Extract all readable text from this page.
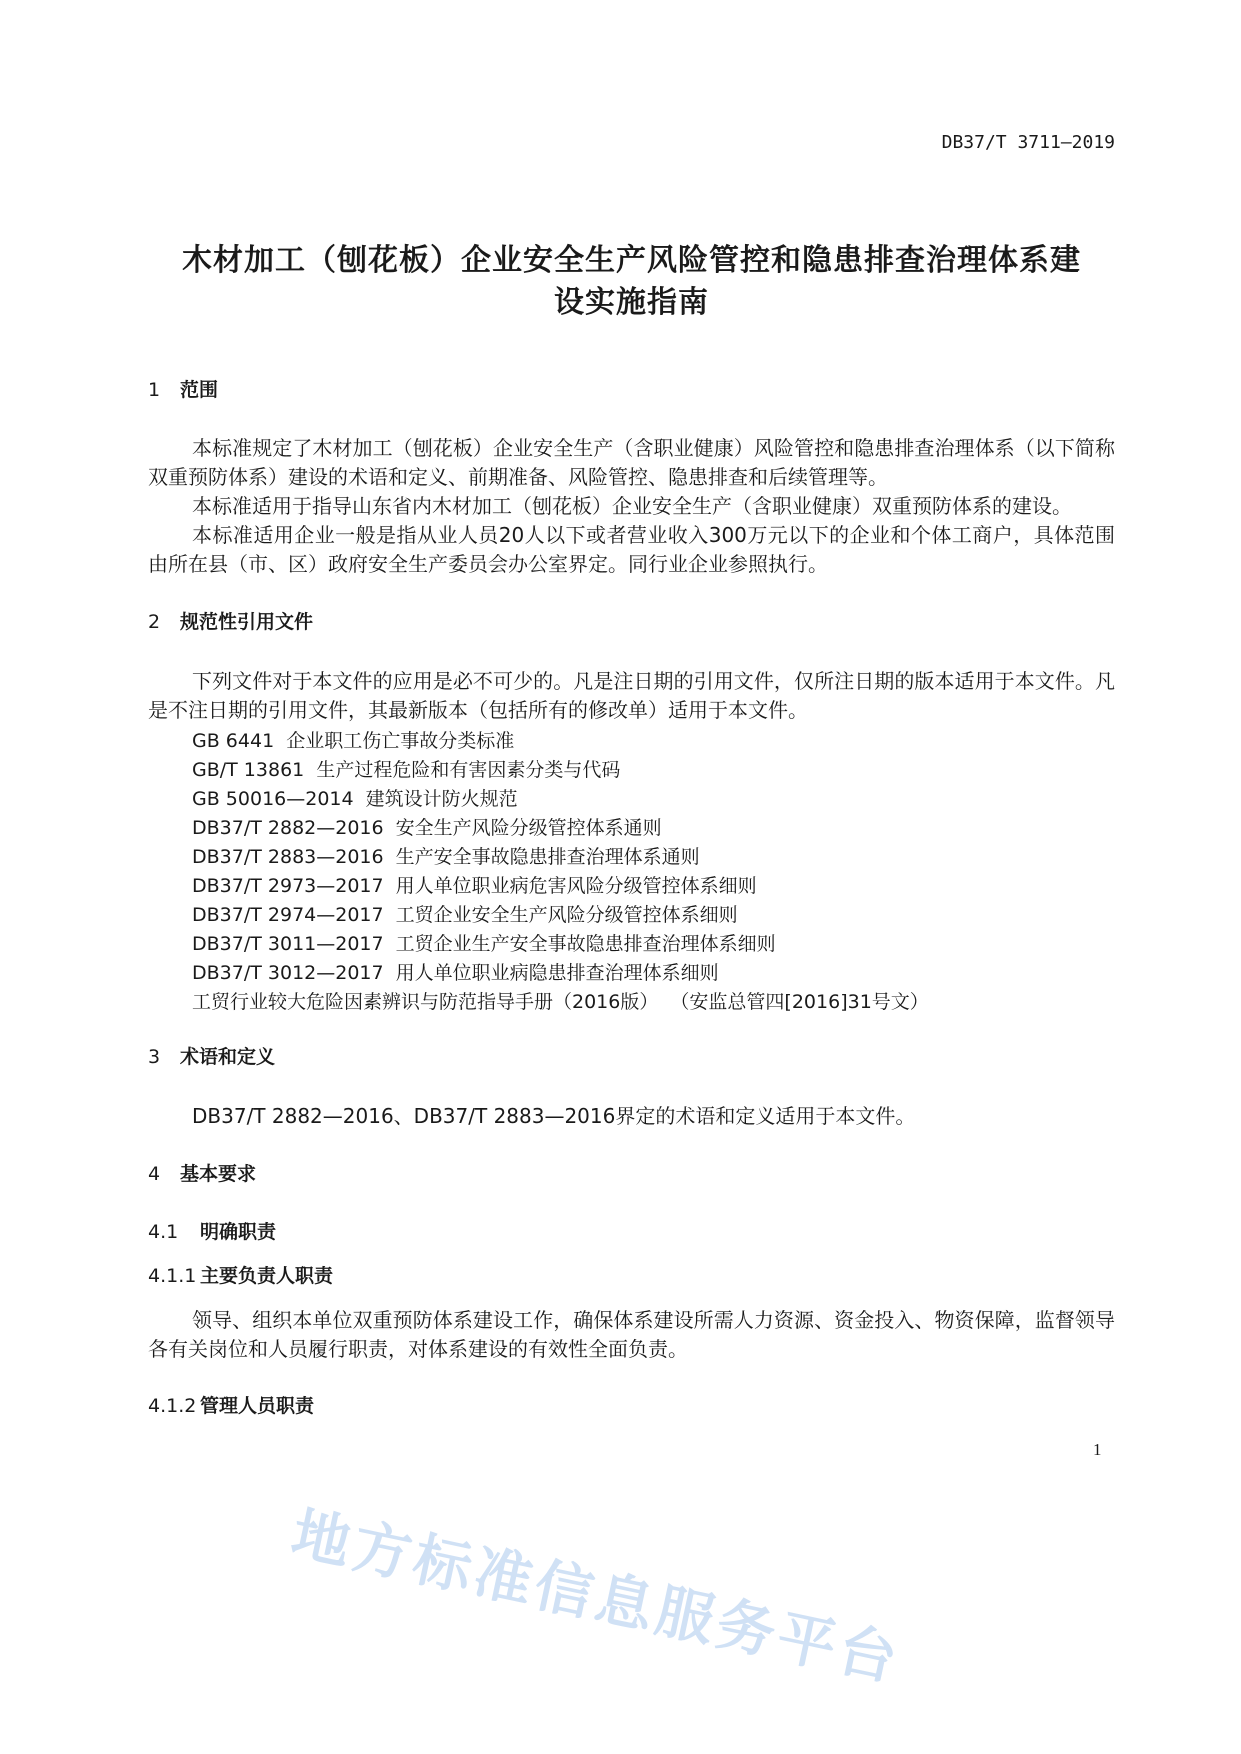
DB37/T 3711—2019
木材加工（刨花板）企业安全生产风险管控和隐患排查治理体系建
设实施指南
1 范围
本标准规定了木材加工（刨花板）企业安全生产（含职业健康）风险管控和隐患排查治理体系（以下简称双重预防体系）建设的术语和定义、前期准备、风险管控、隐患排查和后续管理等。
本标准适用于指导山东省内木材加工（刨花板）企业安全生产（含职业健康）双重预防体系的建设。
本标准适用企业一般是指从业人员20人以下或者营业收入300万元以下的企业和个体工商户，具体范围由所在县（市、区）政府安全生产委员会办公室界定。同行业企业参照执行。
2 规范性引用文件
下列文件对于本文件的应用是必不可少的。凡是注日期的引用文件，仅所注日期的版本适用于本文件。凡是不注日期的引用文件，其最新版本（包括所有的修改单）适用于本文件。
GB 6441  企业职工伤亡事故分类标准
GB/T 13861  生产过程危险和有害因素分类与代码
GB 50016—2014  建筑设计防火规范
DB37/T 2882—2016  安全生产风险分级管控体系通则
DB37/T 2883—2016  生产安全事故隐患排查治理体系通则
DB37/T 2973—2017  用人单位职业病危害风险分级管控体系细则
DB37/T 2974—2017  工贸企业安全生产风险分级管控体系细则
DB37/T 3011—2017  工贸企业生产安全事故隐患排查治理体系细则
DB37/T 3012—2017  用人单位职业病隐患排查治理体系细则
工贸行业较大危险因素辨识与防范指导手册（2016版）  （安监总管四[2016]31号文）
3 术语和定义
DB37/T 2882—2016、DB37/T 2883—2016界定的术语和定义适用于本文件。
4 基本要求
4.1 明确职责
4.1.1 主要负责人职责
领导、组织本单位双重预防体系建设工作，确保体系建设所需人力资源、资金投入、物资保障，监督领导各有关岗位和人员履行职责，对体系建设的有效性全面负责。
4.1.2 管理人员职责
地方标准信息服务平台
1
